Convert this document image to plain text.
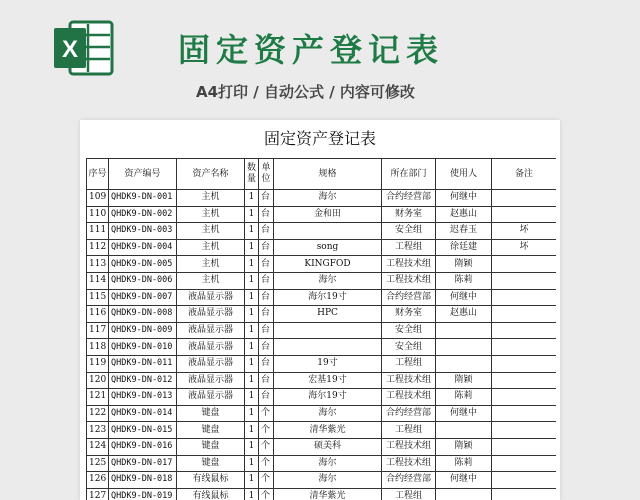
X	固定资产登记表
A4打印 / 自动公式 / 内容可修改
固定资产登记表
序号	资产编号	资产名称	数量	单位	规格	所在部门	使用人	备注
109	QHDK9-DN-001	主机	1	台	海尔	合约经营部	何继中	
110	QHDK9-DN-002	主机	1	台	金和田	财务室	赵惠山	
111	QHDK9-DN-003	主机	1	台		安全组	迟春玉	坏
112	QHDK9-DN-004	主机	1	台	song	工程组	徐廷建	坏
113	QHDK9-DN-005	主机	1	台	KINGFOD	工程技术组	隋颖	
114	QHDK9-DN-006	主机	1	台	海尔	工程技术组	陈莉	
115	QHDK9-DN-007	液晶显示器	1	台	海尔19寸	合约经营部	何继中	
116	QHDK9-DN-008	液晶显示器	1	台	HPC	财务室	赵惠山	
117	QHDK9-DN-009	液晶显示器	1	台		安全组		
118	QHDK9-DN-010	液晶显示器	1	台		安全组		
119	QHDK9-DN-011	液晶显示器	1	台	19寸	工程组		
120	QHDK9-DN-012	液晶显示器	1	台	宏基19寸	工程技术组	隋颖	
121	QHDK9-DN-013	液晶显示器	1	台	海尔19寸	工程技术组	陈莉	
122	QHDK9-DN-014	键盘	1	个	海尔	合约经营部	何继中	
123	QHDK9-DN-015	键盘	1	个	清华紫光	工程组		
124	QHDK9-DN-016	键盘	1	个	硕美科	工程技术组	隋颖	
125	QHDK9-DN-017	键盘	1	个	海尔	工程技术组	陈莉	
126	QHDK9-DN-018	有线鼠标	1	个	海尔	合约经营部	何继中	
127	QHDK9-DN-019	有线鼠标	1	个	清华紫光	工程组		
